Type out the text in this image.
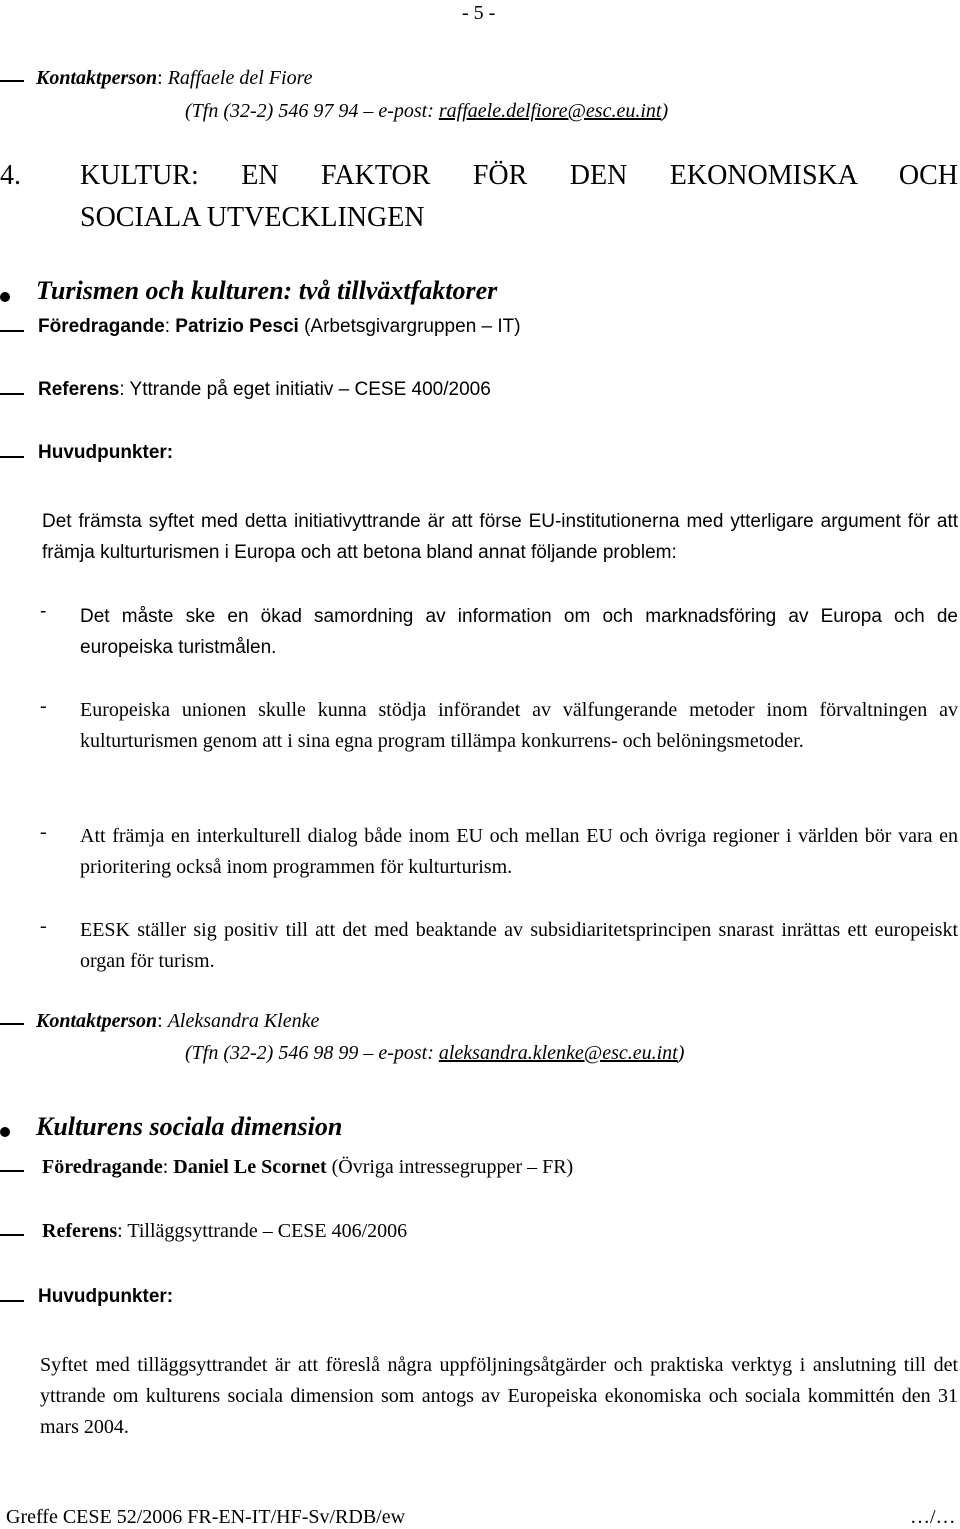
- 5 -
Kontaktperson: Raffaele del Fiore
(Tfn (32-2) 546 97 94 – e-post: raffaele.delfiore@esc.eu.int)
4. KULTUR: EN FAKTOR FÖR DEN EKONOMISKA OCH
SOCIALA UTVECKLINGEN
Turismen och kulturen: två tillväxtfaktorer
Föredragande: Patrizio Pesci (Arbetsgivargruppen – IT)
Referens: Yttrande på eget initiativ – CESE 400/2006
Huvudpunkter:
Det främsta syftet med detta initiativyttrande är att förse EU-institutionerna med ytterligare argument för att främja kulturturismen i Europa och att betona bland annat följande problem:
- Det måste ske en ökad samordning av information om och marknadsföring av Europa och de europeiska turistmålen.
- Europeiska unionen skulle kunna stödja införandet av välfungerande metoder inom förvaltningen av kulturturismen genom att i sina egna program tillämpa konkurrens- och belöningsmetoder.
- Att främja en interkulturell dialog både inom EU och mellan EU och övriga regioner i världen bör vara en prioritering också inom programmen för kulturturism.
- EESK ställer sig positiv till att det med beaktande av subsidiaritetsprincipen snarast inrättas ett europeiskt organ för turism.
Kontaktperson: Aleksandra Klenke
(Tfn (32-2) 546 98 99 – e-post: aleksandra.klenke@esc.eu.int)
Kulturens sociala dimension
Föredragande: Daniel Le Scornet (Övriga intressegrupper – FR)
Referens: Tilläggsyttrande – CESE 406/2006
Huvudpunkter:
Syftet med tilläggsyttrandet är att föreslå några uppföljningsåtgärder och praktiska verktyg i anslutning till det yttrande om kulturens sociala dimension som antogs av Europeiska ekonomiska och sociala kommittén den 31 mars 2004.
Greffe CESE 52/2006 FR-EN-IT/HF-Sv/RDB/ew	…/…
